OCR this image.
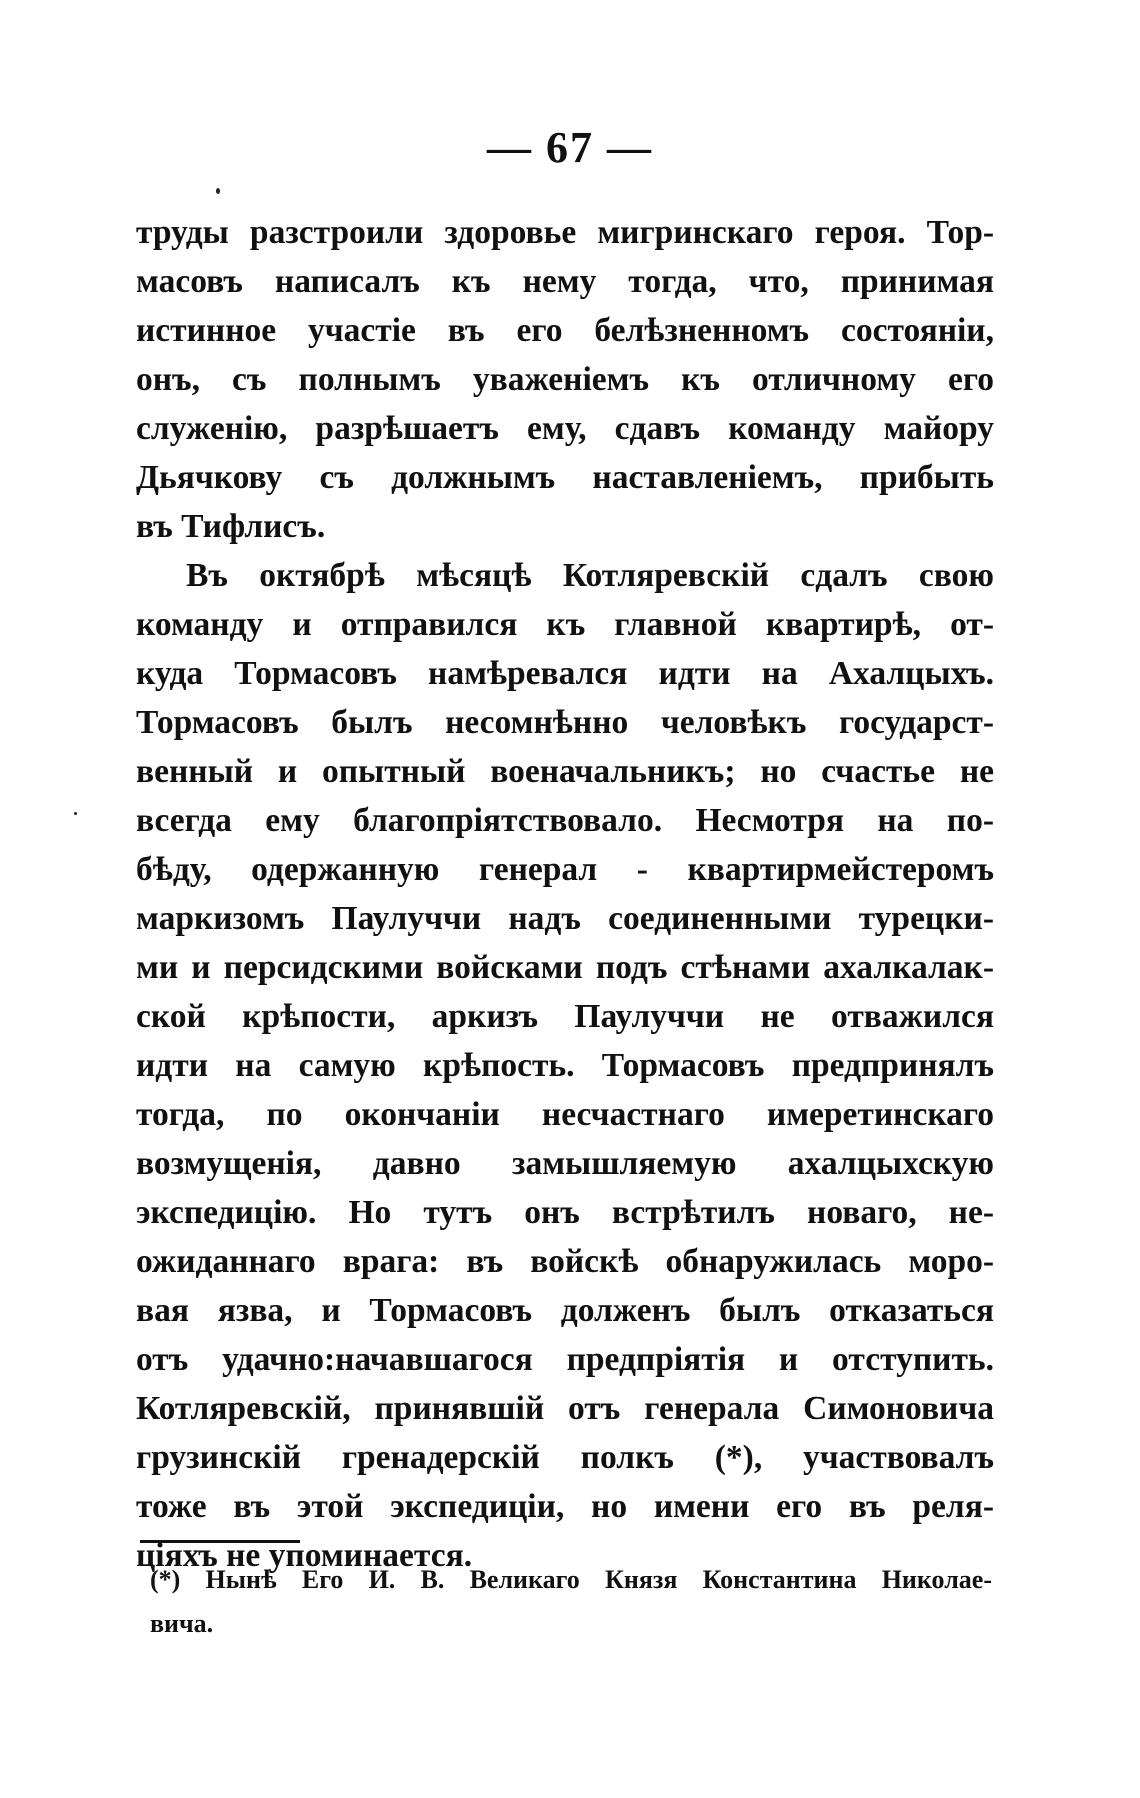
— 67 —
труды разстроили здоровье мигринскаго героя. Тор-
масовъ написалъ къ нему тогда, что, принимая
истинное участіе въ его белѣзненномъ состояніи,
онъ, съ полнымъ уваженіемъ къ отличному его
служенію, разрѣшаетъ ему, сдавъ команду майору
Дьячкову съ должнымъ наставленіемъ, прибыть
въ Тифлисъ.
Въ октябрѣ мѣсяцѣ Котляревскій сдалъ свою
команду и отправился къ главной квартирѣ, от-
куда Тормасовъ намѣревался идти на Ахалцыхъ.
Тормасовъ былъ несомнѣнно человѣкъ государст-
венный и опытный военачальникъ; но счастье не
всегда ему благопріятствовало. Несмотря на по-
бѣду, одержанную генерал - квартирмейстеромъ
маркизомъ Паулуччи надъ соединенными турецки-
ми и персидскими войсками подъ стѣнами ахалкалак-
ской крѣпости, аркизъ Паулуччи не отважился
идти на самую крѣпость. Тормасовъ предпринялъ
тогда, по окончаніи несчастнаго имеретинскаго
возмущенія, давно замышляемую ахалцыхскую
экспедицію. Но тутъ онъ встрѣтилъ новаго, не-
ожиданнаго врага: въ войскѣ обнаружилась моро-
вая язва, и Тормасовъ долженъ былъ отказаться
отъ удачно:начавшагося предпріятія и отступить.
Котляревскій, принявшій отъ генерала Симоновича
грузинскій гренадерскій полкъ (*), участвовалъ
тоже въ этой экспедиціи, но имени его въ реля-
ціяхъ не упоминается.
(*) Нынѣ Его И. В. Великаго Князя Константина Николае-
вича.
